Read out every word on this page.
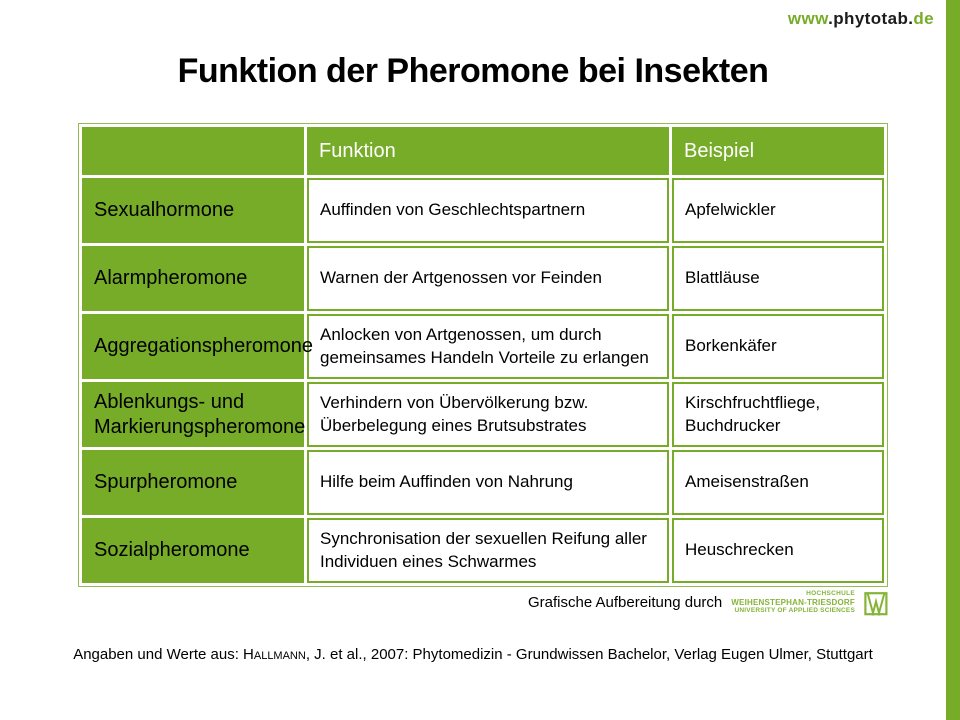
www.phytotab.de
Funktion der Pheromone bei Insekten
	Funktion	Beispiel
Sexualhormone	Auffinden von Geschlechtspartnern	Apfelwickler
Alarmpheromone	Warnen der Artgenossen vor Feinden	Blattläuse
Aggregationspheromone	Anlocken von Artgenossen, um durch gemeinsames Handeln Vorteile zu erlangen	Borkenkäfer
Ablenkungs- und Markierungspheromone	Verhindern von Übervölkerung bzw. Überbelegung eines Brutsubstrates	Kirschfruchtfliege, Buchdrucker
Spurpheromone	Hilfe beim Auffinden von Nahrung	Ameisenstraßen
Sozialpheromone	Synchronisation der sexuellen Reifung aller Individuen eines Schwarmes	Heuschrecken
Grafische Aufbereitung durch
HOCHSCHULE
WEIHENSTEPHAN-TRIESDORF
UNIVERSITY OF APPLIED SCIENCES

Angaben und Werte aus: Hallmann, J. et al., 2007: Phytomedizin - Grundwissen Bachelor, Verlag Eugen Ulmer, Stuttgart
